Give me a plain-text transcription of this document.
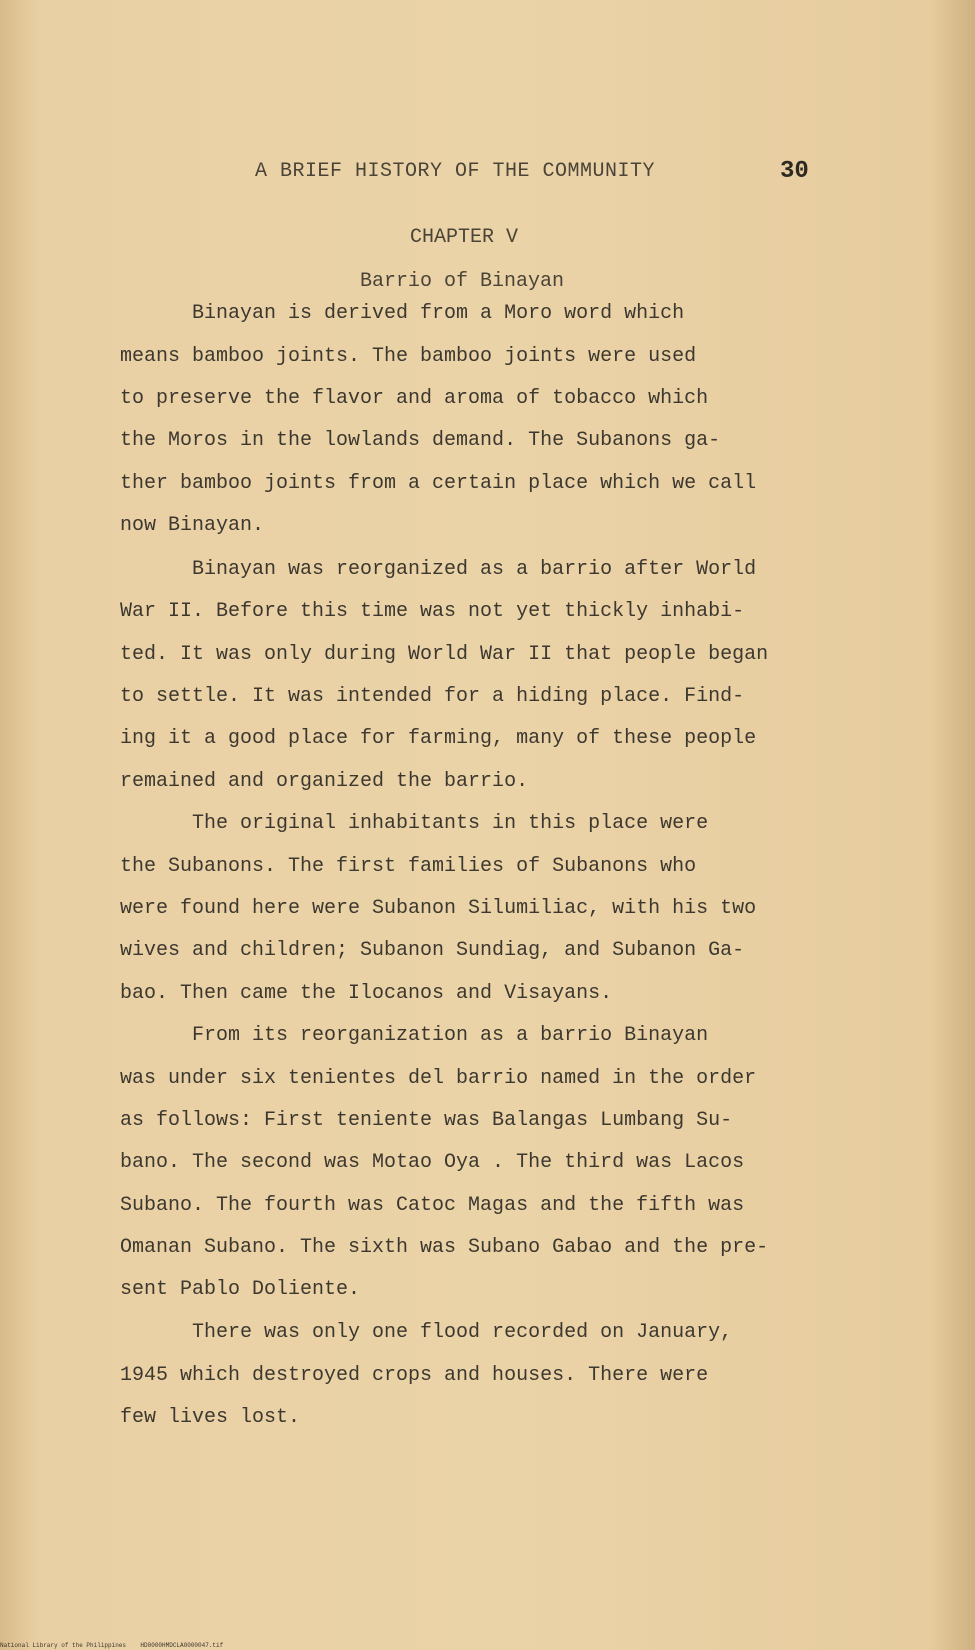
A BRIEF HISTORY OF THE COMMUNITY	30
CHAPTER V
Barrio of Binayan
Binayan is derived from a Moro word which
means bamboo joints. The bamboo joints were used
to preserve the flavor and aroma of tobacco which
the Moros in the lowlands demand. The Subanons ga-
ther bamboo joints from a certain place which we call
now Binayan.
Binayan was reorganized as a barrio after World
War II. Before this time was not yet thickly inhabi-
ted. It was only during World War II that people began
to settle. It was intended for a hiding place. Find-
ing it a good place for farming, many of these people
remained and organized the barrio.
The original inhabitants in this place were
the Subanons. The first families of Subanons who
were found here were Subanon Silumiliac, with his two
wives and children; Subanon Sundiag, and Subanon Ga-
bao. Then came the Ilocanos and Visayans.
From its reorganization as a barrio Binayan
was under six tenientes del barrio named in the order
as follows: First teniente was Balangas Lumbang Su-
bano. The second was Motao Oya . The third was Lacos
Subano. The fourth was Catoc Magas and the fifth was
Omanan Subano. The sixth was Subano Gabao and the pre-
sent Pablo Doliente.
There was only one flood recorded on January,
1945 which destroyed crops and houses. There were
few lives lost.
National Library of the Philippines    HD0000HMDCLA0000047.tif
